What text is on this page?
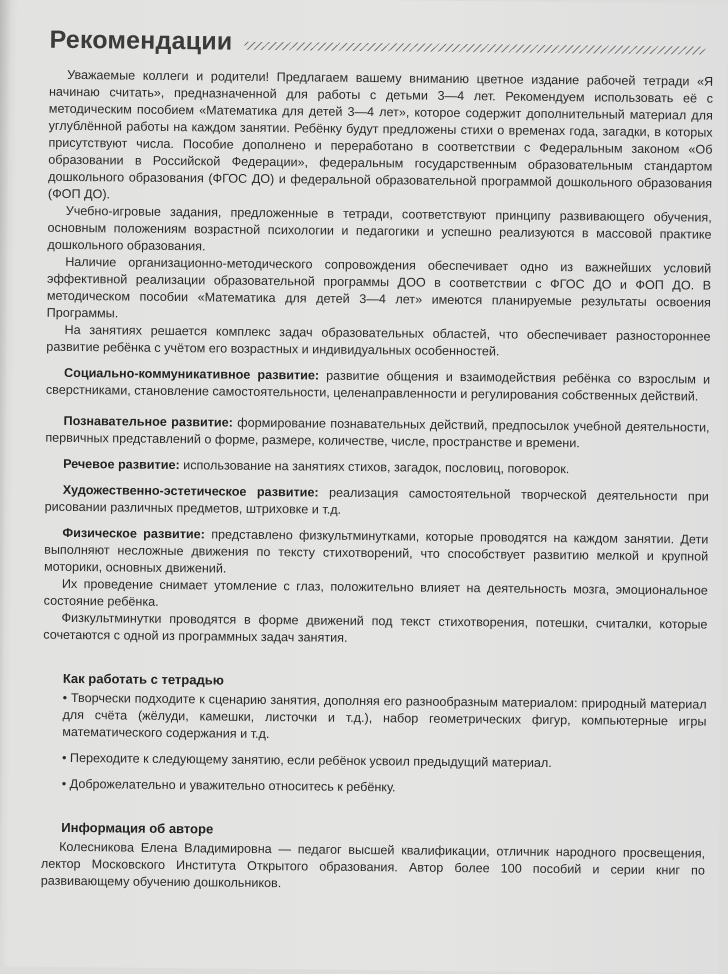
Рекомендации

Уважаемые коллеги и родители! Предлагаем вашему вниманию цветное издание рабочей тетради «Я начинаю считать», предназначенной для работы с детьми 3—4 лет. Рекомендуем использовать её с методическим пособием «Математика для детей 3—4 лет», которое содержит дополнительный материал для углублённой работы на каждом занятии. Ребёнку будут предложены стихи о временах года, загадки, в которых присутствуют числа. Пособие дополнено и переработано в соответствии с Федеральным законом «Об образовании в Российской Федерации», федеральным государственным образовательным стандартом дошкольного образования (ФГОС ДО) и федеральной образовательной программой дошкольного образования (ФОП ДО).

Учебно-игровые задания, предложенные в тетради, соответствуют принципу развивающего обучения, основным положениям возрастной психологии и педагогики и успешно реализуются в массовой практике дошкольного образования.

Наличие организационно-методического сопровождения обеспечивает одно из важнейших условий эффективной реализации образовательной программы ДОО в соответствии с ФГОС ДО и ФОП ДО. В методическом пособии «Математика для детей 3—4 лет» имеются планируемые результаты освоения Программы.

На занятиях решается комплекс задач образовательных областей, что обеспечивает разностороннее развитие ребёнка с учётом его возрастных и индивидуальных особенностей.

Социально-коммуникативное развитие: развитие общения и взаимодействия ребёнка со взрослым и сверстниками, становление самостоятельности, целенаправленности и регулирования собственных действий.

Познавательное развитие: формирование познавательных действий, предпосылок учебной деятельности, первичных представлений о форме, размере, количестве, числе, пространстве и времени.

Речевое развитие: использование на занятиях стихов, загадок, пословиц, поговорок.

Художественно-эстетическое развитие: реализация самостоятельной творческой деятельности при рисовании различных предметов, штриховке и т.д.

Физическое развитие: представлено физкультминутками, которые проводятся на каждом занятии. Дети выполняют несложные движения по тексту стихотворений, что способствует развитию мелкой и крупной моторики, основных движений.

Их проведение снимает утомление с глаз, положительно влияет на деятельность мозга, эмоциональное состояние ребёнка.

Физкультминутки проводятся в форме движений под текст стихотворения, потешки, считалки, которые сочетаются с одной из программных задач занятия.

Как работать с тетрадью

• Творчески подходите к сценарию занятия, дополняя его разнообразным материалом: природный материал для счёта (жёлуди, камешки, листочки и т.д.), набор геометрических фигур, компьютерные игры математического содержания и т.д.

• Переходите к следующему занятию, если ребёнок усвоил предыдущий материал.

• Доброжелательно и уважительно относитесь к ребёнку.

Информация об авторе

Колесникова Елена Владимировна — педагог высшей квалификации, отличник народного просвещения, лектор Московского Института Открытого образования. Автор более 100 пособий и серии книг по развивающему обучению дошкольников.
